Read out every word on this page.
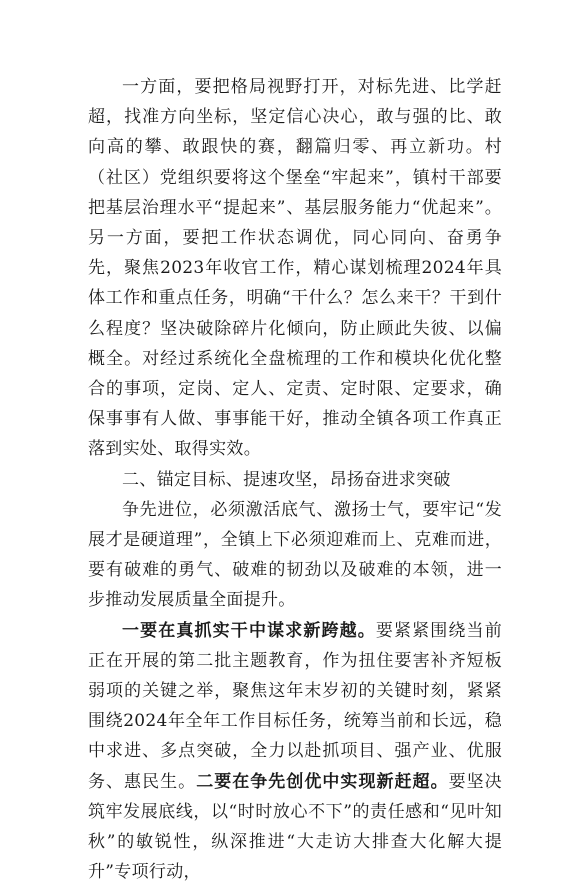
一方面，要把格局视野打开，对标先进、比学赶超，找准方向坐标，坚定信心决心，敢与强的比、敢向高的攀、敢跟快的赛，翻篇归零、再立新功。村（社区）党组织要将这个堡垒“牢起来”，镇村干部要把基层治理水平“提起来”、基层服务能力“优起来”。另一方面，要把工作状态调优，同心同向、奋勇争先，聚焦2023年收官工作，精心谋划梳理2024年具体工作和重点任务，明确“干什么？怎么来干？干到什么程度？坚决破除碎片化倾向，防止顾此失彼、以偏概全。对经过系统化全盘梳理的工作和模块化优化整合的事项，定岗、定人、定责、定时限、定要求，确保事事有人做、事事能干好，推动全镇各项工作真正落到实处、取得实效。

二、锚定目标、提速攻坚，昂扬奋进求突破

争先进位，必须激活底气、激扬士气，要牢记“发展才是硬道理”，全镇上下必须迎难而上、克难而进，要有破难的勇气、破难的韧劲以及破难的本领，进一步推动发展质量全面提升。

一要在真抓实干中谋求新跨越。要紧紧围绕当前正在开展的第二批主题教育，作为扭住要害补齐短板弱项的关键之举，聚焦这年末岁初的关键时刻，紧紧围绕2024年全年工作目标任务，统筹当前和长远，稳中求进、多点突破，全力以赴抓项目、强产业、优服务、惠民生。二要在争先创优中实现新赶超。要坚决筑牢发展底线，以“时时放心不下”的责任感和“见叶知秋”的敏锐性，纵深推进“大走访大排查大化解大提升”专项行动，
